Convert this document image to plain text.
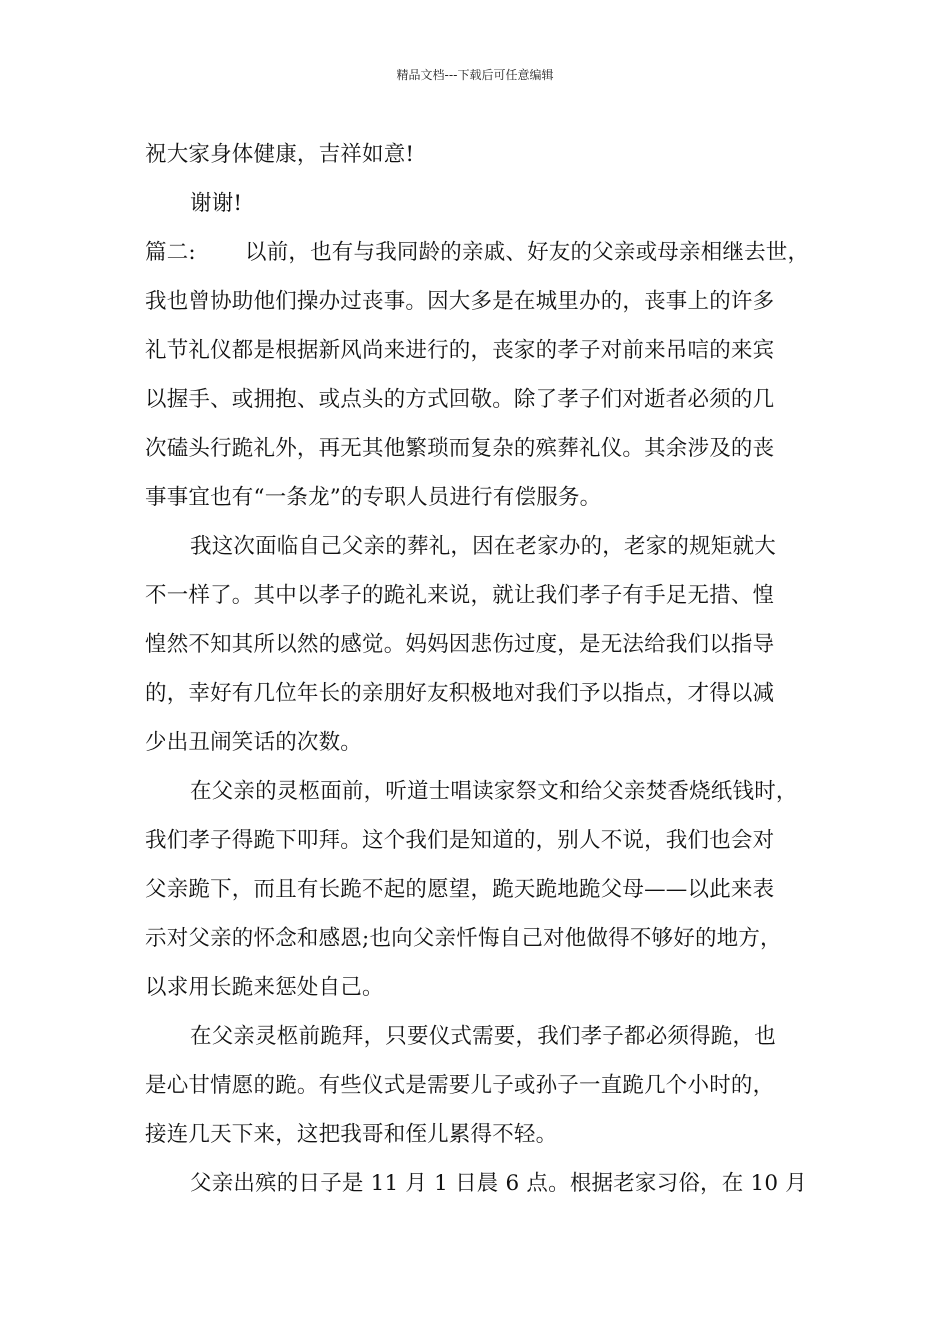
精品文档---下载后可任意编辑
祝大家身体健康，吉祥如意!
谢谢!
篇二: 以前，也有与我同龄的亲戚、好友的父亲或母亲相继去世，
我也曾协助他们操办过丧事。因大多是在城里办的，丧事上的许多
礼节礼仪都是根据新风尚来进行的，丧家的孝子对前来吊唁的来宾
以握手、或拥抱、或点头的方式回敬。除了孝子们对逝者必须的几
次磕头行跪礼外，再无其他繁琐而复杂的殡葬礼仪。其余涉及的丧
事事宜也有“一条龙”的专职人员进行有偿服务。
我这次面临自己父亲的葬礼，因在老家办的，老家的规矩就大
不一样了。其中以孝子的跪礼来说，就让我们孝子有手足无措、惶
惶然不知其所以然的感觉。妈妈因悲伤过度，是无法给我们以指导
的，幸好有几位年长的亲朋好友积极地对我们予以指点，才得以减
少出丑闹笑话的次数。
在父亲的灵柩面前，听道士唱读家祭文和给父亲焚香烧纸钱时，
我们孝子得跪下叩拜。这个我们是知道的，别人不说，我们也会对
父亲跪下，而且有长跪不起的愿望，跪天跪地跪父母——以此来表
示对父亲的怀念和感恩;也向父亲忏悔自己对他做得不够好的地方，
以求用长跪来惩处自己。
在父亲灵柩前跪拜，只要仪式需要，我们孝子都必须得跪，也
是心甘情愿的跪。有些仪式是需要儿子或孙子一直跪几个小时的，
接连几天下来，这把我哥和侄儿累得不轻。
父亲出殡的日子是 11 月 1 日晨 6 点。根据老家习俗，在 10 月
